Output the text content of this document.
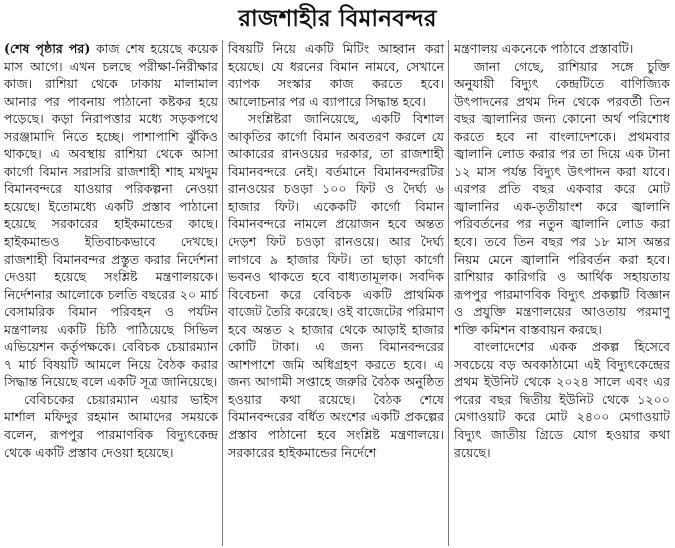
রাজশাহীর বিমানবন্দর

(শেষ পৃষ্ঠার পর) কাজ শেষ হয়েছে কয়েক মাস আগে। এখন চলছে পরীক্ষা-নিরীক্ষার কাজ। রাশিয়া থেকে ঢাকায় মালামাল আনার পর পাবনায় পাঠানো কষ্টকর হয়ে পড়েছে। কড়া নিরাপত্তার মধ্যে সড়কপথে সরঞ্জামাদি নিতে হচ্ছে। পাশাপাশি ঝুঁকিও থাকছে। এ অবস্থায় রাশিয়া থেকে আসা কার্গো বিমান সরাসরি রাজশাহী শাহ মখদুম বিমানবন্দরে যাওয়ার পরিকল্পনা নেওয়া হয়েছে। ইতোমধ্যে একটি প্রস্তাব পাঠানো হয়েছে সরকারের হাইকমান্ডের কাছে। হাইকমান্ডও ইতিবাচকভাবে দেখছে। রাজশাহী বিমানবন্দর প্রস্তুত করার নির্দেশনা দেওয়া হয়েছে সংশ্লিষ্ট মন্ত্রণালয়কে। নির্দেশনার আলোকে চলতি বছরের ২০ মার্চ বেসামরিক বিমান পরিবহন ও পর্যটন মন্ত্রণালয় একটি চিঠি পাঠিয়েছে সিভিল এভিয়েশন কর্তৃপক্ষকে। বেবিচক চেয়ারম্যান ৭ মার্চ বিষয়টি আমলে নিয়ে বৈঠক করার সিদ্ধান্ত নিয়েছে বলে একটি সূত্র জানিয়েছে।

বেবিচকের চেয়ারম্যান এয়ার ভাইস মার্শাল মফিদুর রহমান আমাদের সময়কে বলেন, রূপপুর পারমাণবিক বিদ্যুৎকেন্দ্র থেকে একটি প্রস্তাব দেওয়া হয়েছে।

বিষয়টি নিয়ে একটি মিটিং আহ্বান করা হয়েছে। যে ধরনের বিমান নামবে, সেখানে ব্যাপক সংস্কার কাজ করতে হবে। আলোচনার পর এ ব্যাপারে সিদ্ধান্ত হবে।

সংশ্লিষ্টরা জানিয়েছে, একটি বিশাল আকৃতির কার্গো বিমান অবতরণ করলে যে আকারের রানওয়ের দরকার, তা রাজশাহী বিমানবন্দরে নেই। বর্তমানে বিমানবন্দরটির রানওয়ের চওড়া ১০০ ফিট ও দৈর্ঘ্য ৬ হাজার ফিট। একেকটি কার্গো বিমান বিমানবন্দরে নামলে প্রয়োজন হবে অন্তত দেড়শ ফিট চওড়া রানওয়ে। আর দৈর্ঘ্য লাগবে ৯ হাজার ফিট। তা ছাড়া কার্গো ভবনও থাকতে হবে বাধ্যতামূলক। সবদিক বিবেচনা করে বেবিচক একটি প্রাথমিক বাজেট তৈরি করেছে। ওই বাজেটের পরিমাণ হবে অন্তত ২ হাজার থেকে আড়াই হাজার কোটি টাকা। এ জন্য বিমানবন্দরের আশপাশে জমি অধিগ্রহণ করতে হবে। এ জন্য আগামী সপ্তাহে জরুরি বৈঠক অনুষ্ঠিত হওয়ার কথা রয়েছে। বৈঠক শেষে বিমানবন্দরের বর্ধিত অংশের একটি প্রকল্পের প্রস্তাব পাঠানো হবে সংশ্লিষ্ট মন্ত্রণালয়ে। সরকারের হাইকমান্ডের নির্দেশে

মন্ত্রণালয় একনেকে পাঠাবে প্রস্তাবটি।

জানা গেছে, রাশিয়ার সঙ্গে চুক্তি অনুযায়ী বিদ্যুৎ কেন্দ্রটিতে বাণিজ্যিক উৎপাদনের প্রথম দিন থেকে পরবর্তী তিন বছর জ্বালানির জন্য কোনো অর্থ পরিশোধ করতে হবে না বাংলাদেশকে। প্রথমবার জ্বালানি লোড করার পর তা দিয়ে এক টানা ১২ মাস পর্যন্ত বিদ্যুৎ উৎপাদন করা যাবে। এরপর প্রতি বছর একবার করে মোট জ্বালানির এক-তৃতীয়াংশ করে জ্বালানি পরিবর্তনের পর নতুন জ্বালানি লোড করা হবে। তবে তিন বছর পর ১৮ মাস অন্তর নিয়ম মেনে জ্বালানি পরিবর্তন করা হবে। রাশিয়ার কারিগরি ও আর্থিক সহায়তায় রূপপুর পারমাণবিক বিদ্যুৎ প্রকল্পটি বিজ্ঞান ও প্রযুক্তি মন্ত্রণালয়ের আওতায় পরমাণু শক্তি কমিশন বাস্তবায়ন করছে।

বাংলাদেশের একক প্রকল্প হিসেবে সবচেয়ে বড় অবকাঠামো এই বিদ্যুৎকেন্দ্রের প্রথম ইউনিট থেকে ২০২৪ সালে এবং এর পরের বছর দ্বিতীয় ইউনিট থেকে ১২০০ মেগাওয়াট করে মোট ২৪০০ মেগাওয়াট বিদ্যুৎ জাতীয় গ্রিডে যোগ হওয়ার কথা রয়েছে।
